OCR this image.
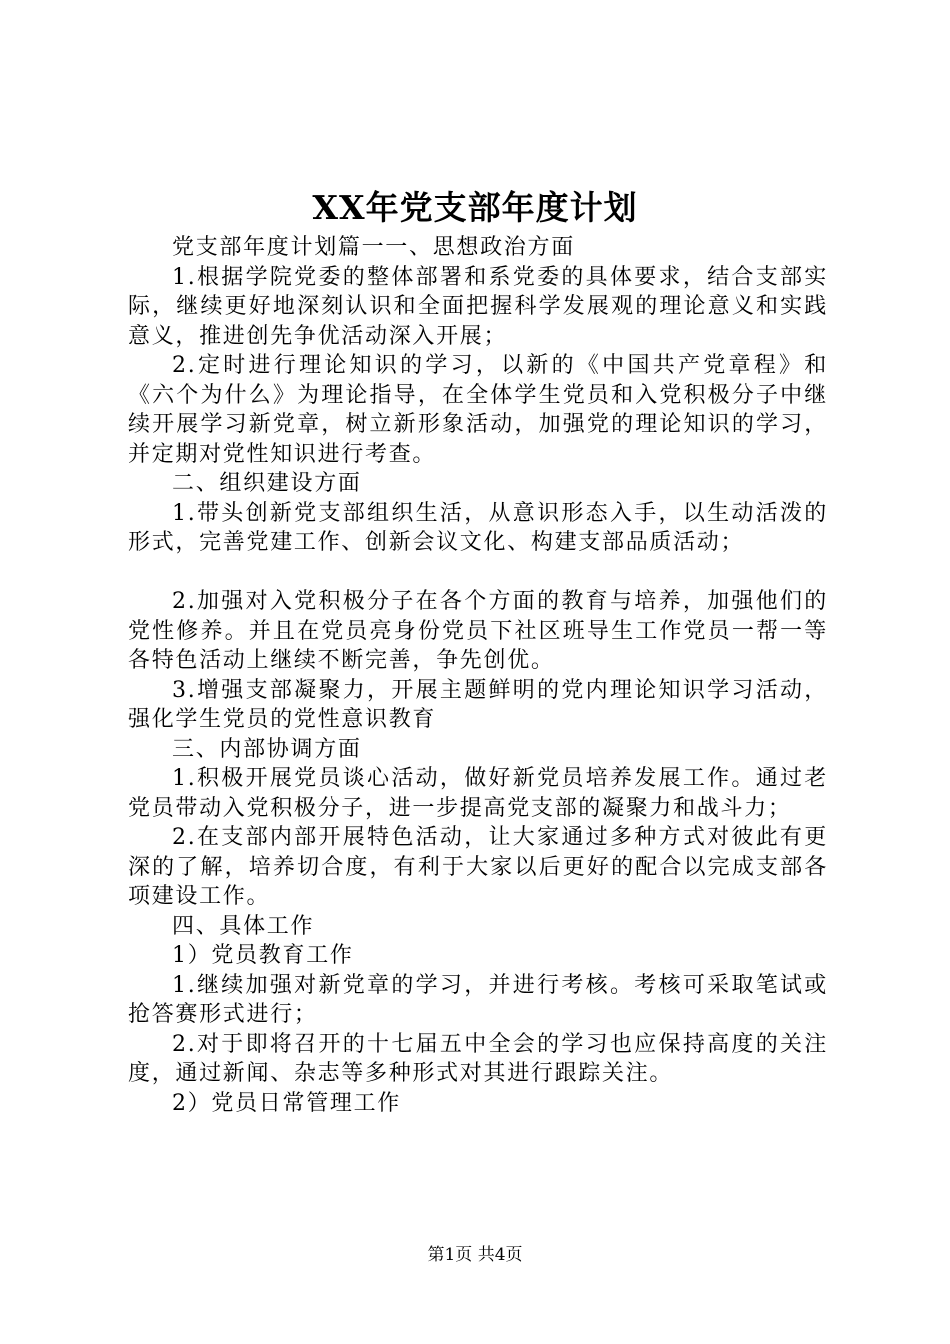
XX年党支部年度计划

党支部年度计划篇一一、思想政治方面

1.根据学院党委的整体部署和系党委的具体要求，结合支部实际，继续更好地深刻认识和全面把握科学发展观的理论意义和实践意义，推进创先争优活动深入开展；

2.定时进行理论知识的学习，以新的《中国共产党章程》和《六个为什么》为理论指导，在全体学生党员和入党积极分子中继续开展学习新党章，树立新形象活动，加强党的理论知识的学习，并定期对党性知识进行考查。

二、组织建设方面

1.带头创新党支部组织生活，从意识形态入手，以生动活泼的形式，完善党建工作、创新会议文化、构建支部品质活动；

2.加强对入党积极分子在各个方面的教育与培养，加强他们的党性修养。并且在党员亮身份党员下社区班导生工作党员一帮一等各特色活动上继续不断完善，争先创优。

3.增强支部凝聚力，开展主题鲜明的党内理论知识学习活动，强化学生党员的党性意识教育

三、内部协调方面

1.积极开展党员谈心活动，做好新党员培养发展工作。通过老党员带动入党积极分子，进一步提高党支部的凝聚力和战斗力；

2.在支部内部开展特色活动，让大家通过多种方式对彼此有更深的了解，培养切合度，有利于大家以后更好的配合以完成支部各项建设工作。

四、具体工作

1）党员教育工作

1.继续加强对新党章的学习，并进行考核。考核可采取笔试或抢答赛形式进行；

2.对于即将召开的十七届五中全会的学习也应保持高度的关注度，通过新闻、杂志等多种形式对其进行跟踪关注。

2）党员日常管理工作

第1页 共4页
